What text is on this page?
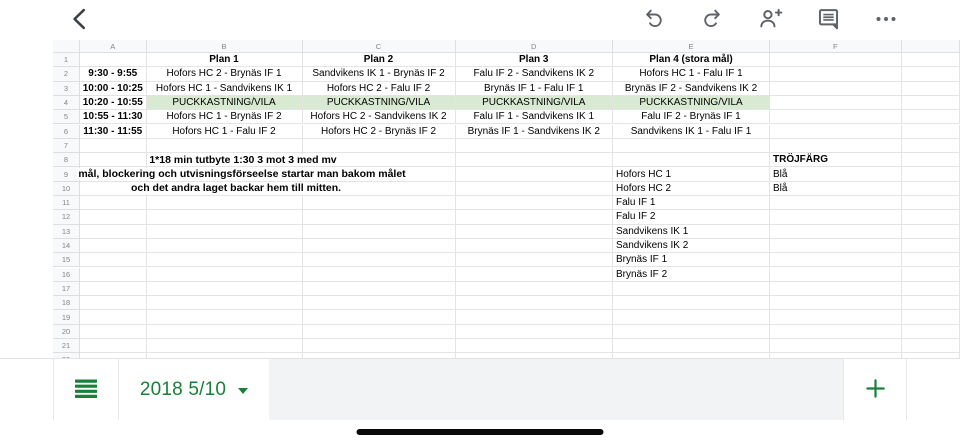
A	B	C	D	E	F
1
2
3
4
5
6
7
8
9
10
11
12
13
14
15
16
17
18
19
20
21
Plan 1	Plan 2	Plan 3	Plan 4 (stora mål)
9:30 - 9:55	Hofors HC 2 - Brynäs IF 1	Sandvikens IK 1 - Brynäs IF 2	Falu IF 2 - Sandvikens IK 2	Hofors HC 1 - Falu IF 1
10:00 - 10:25	Hofors HC 1 - Sandvikens IK 1	Hofors HC 2 - Falu IF 2	Brynäs IF 1 - Falu IF 1	Brynäs IF 2 - Sandvikens IK 2
10:20 - 10:55	PUCKKASTNING/VILA	PUCKKASTNING/VILA	PUCKKASTNING/VILA	PUCKKASTNING/VILA
10:55 - 11:30	Hofors HC 1 - Brynäs IF 2	Hofors HC 2 - Sandvikens IK 2	Falu IF 1 - Sandvikens IK 1	Falu IF 2 - Brynäs IF 1
11:30 - 11:55	Hofors HC 1 - Falu IF 2	Hofors HC 2 - Brynäs IF 2	Brynäs IF 1 - Sandvikens IK 2	Sandvikens IK 1 - Falu IF 1
TRÖJFÄRG
Hofors HC 1	Blå
Hofors HC 2	Blå
Falu IF 1
Falu IF 2
Sandvikens IK 1
Sandvikens IK 2
Brynäs IF 1
Brynäs IF 2
1*18 min tutbyte 1:30 3 mot 3 med mv
mål, blockering och utvisningsförseelse startar man bakom målet
och det andra laget backar hem till mitten.
2018 5/10
